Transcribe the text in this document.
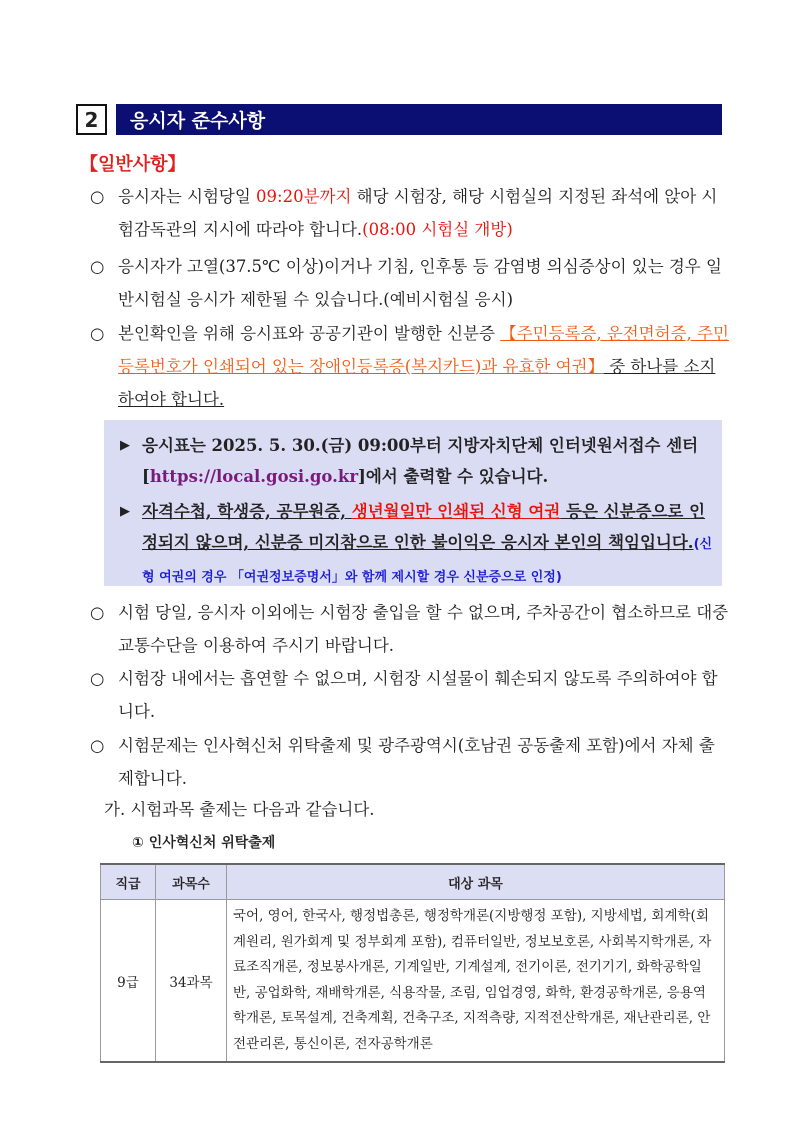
2	응시자 준수사항
【일반사항】
○ 응시자는 시험당일 09:20분까지 해당 시험장, 해당 시험실의 지정된 좌석에 앉아 시험감독관의 지시에 따라야 합니다.(08:00 시험실 개방)
○ 응시자가 고열(37.5℃ 이상)이거나 기침, 인후통 등 감염병 의심증상이 있는 경우 일반시험실 응시가 제한될 수 있습니다.(예비시험실 응시)
○ 본인확인을 위해 응시표와 공공기관이 발행한 신분증 【주민등록증, 운전면허증, 주민등록번호가 인쇄되어 있는 장애인등록증(복지카드)과 유효한 여권】 중 하나를 소지하여야 합니다.
▶ 응시표는 2025. 5. 30.(금) 09:00부터 지방자치단체 인터넷원서접수 센터[https://local.gosi.go.kr]에서 출력할 수 있습니다.
▶ 자격수첩, 학생증, 공무원증, 생년월일만 인쇄된 신형 여권 등은 신분증으로 인정되지 않으며, 신분증 미지참으로 인한 불이익은 응시자 본인의 책임입니다.(신형 여권의 경우 「여권정보증명서」와 함께 제시할 경우 신분증으로 인정)
○ 시험 당일, 응시자 이외에는 시험장 출입을 할 수 없으며, 주차공간이 협소하므로 대중교통수단을 이용하여 주시기 바랍니다.
○ 시험장 내에서는 흡연할 수 없으며, 시험장 시설물이 훼손되지 않도록 주의하여야 합니다.
○ 시험문제는 인사혁신처 위탁출제 및 광주광역시(호남권 공동출제 포함)에서 자체 출제합니다.
가. 시험과목 출제는 다음과 같습니다.
① 인사혁신처 위탁출제
직급	과목수	대상 과목
9급	34과목	국어, 영어, 한국사, 행정법총론, 행정학개론(지방행정 포함), 지방세법, 회계학(회계원리, 원가회계 및 정부회계 포함), 컴퓨터일반, 정보보호론, 사회복지학개론, 자료조직개론, 정보봉사개론, 기계일반, 기계설계, 전기이론, 전기기기, 화학공학일반, 공업화학, 재배학개론, 식용작물, 조림, 임업경영, 화학, 환경공학개론, 응용역학개론, 토목설계, 건축계획, 건축구조, 지적측량, 지적전산학개론, 재난관리론, 안전관리론, 통신이론, 전자공학개론
